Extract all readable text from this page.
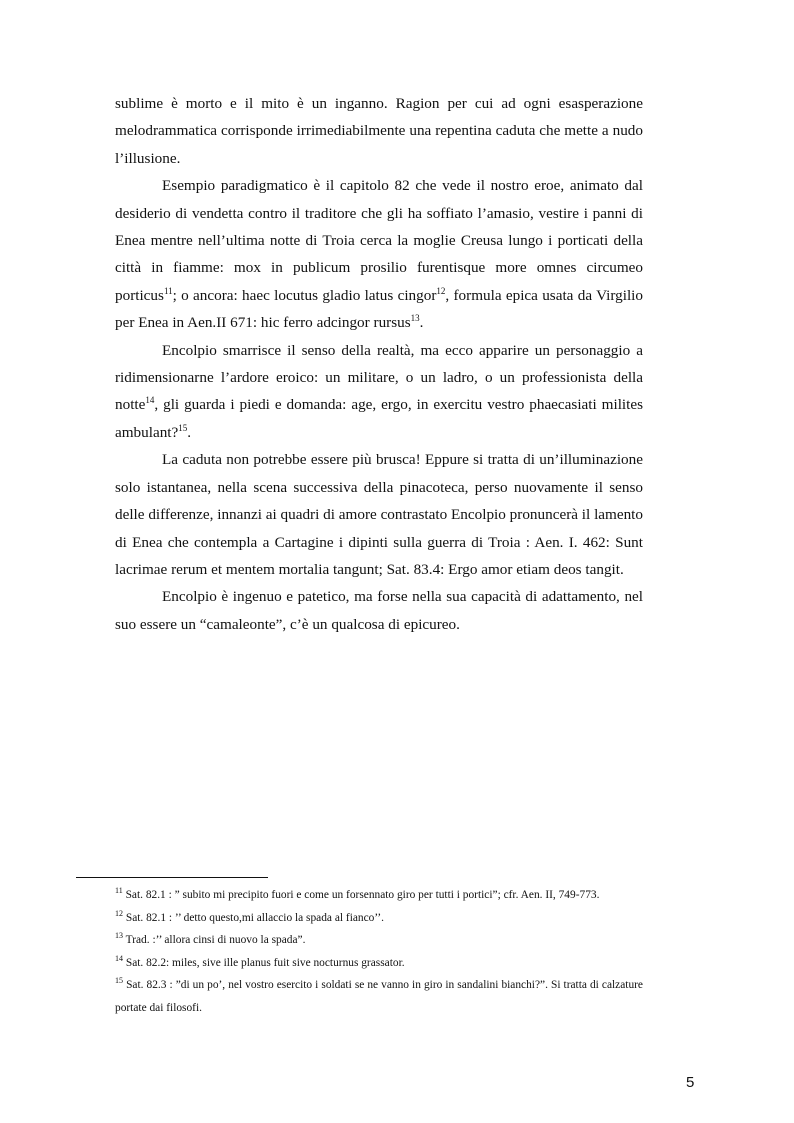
sublime è morto e il mito è un inganno. Ragion per cui ad ogni esasperazione melodrammatica corrisponde irrimediabilmente una repentina caduta che mette a nudo l’illusione.

Esempio paradigmatico è il capitolo 82 che vede il nostro eroe, animato dal desiderio di vendetta contro il traditore che gli ha soffiato l’amasio, vestire i panni di Enea mentre nell’ultima notte di Troia cerca la moglie Creusa lungo i porticati della città in fiamme: mox in publicum prosilio furentisque more omnes circumeo porticus$^{11}$; o ancora: haec locutus gladio latus cingor$^{12}$, formula epica usata da Virgilio per Enea in Aen.II 671: hic ferro adcingor rursus$^{13}$.

Encolpio smarrisce il senso della realtà, ma ecco apparire un personaggio a ridimensionarne l’ardore eroico: un militare, o un ladro, o un professionista della notte$^{14}$, gli guarda i piedi e domanda: age, ergo, in exercitu vestro phaecasiati milites ambulant?$^{15}$.

La caduta non potrebbe essere più brusca! Eppure si tratta di un’illuminazione solo istantanea, nella scena successiva della pinacoteca, perso nuovamente il senso delle differenze, innanzi ai quadri di amore contrastato Encolpio pronuncerà il lamento di Enea che contempla a Cartagine i dipinti sulla guerra di Troia : Aen. I. 462: Sunt lacrimae rerum et mentem mortalia tangunt; Sat. 83.4: Ergo amor etiam deos tangit.

Encolpio è ingenuo e patetico, ma forse nella sua capacità di adattamento, nel suo essere un “camaleonte”, c’è un qualcosa di epicureo.

$^{11}$ Sat. 82.1 : ” subito mi precipito fuori e come un forsennato giro per tutti i portici”; cfr. Aen. II, 749-773.

$^{12}$ Sat. 82.1 : ’’ detto questo,mi allaccio la spada al fianco’’.

$^{13}$ Trad. :’’ allora cinsi di nuovo la spada”.

$^{14}$ Sat. 82.2: miles, sive ille planus fuit sive nocturnus grassator.

$^{15}$ Sat. 82.3 : ”di un po’, nel vostro esercito i soldati se ne vanno in giro in sandalini bianchi?”. Si tratta di calzature portate dai filosofi.

5
